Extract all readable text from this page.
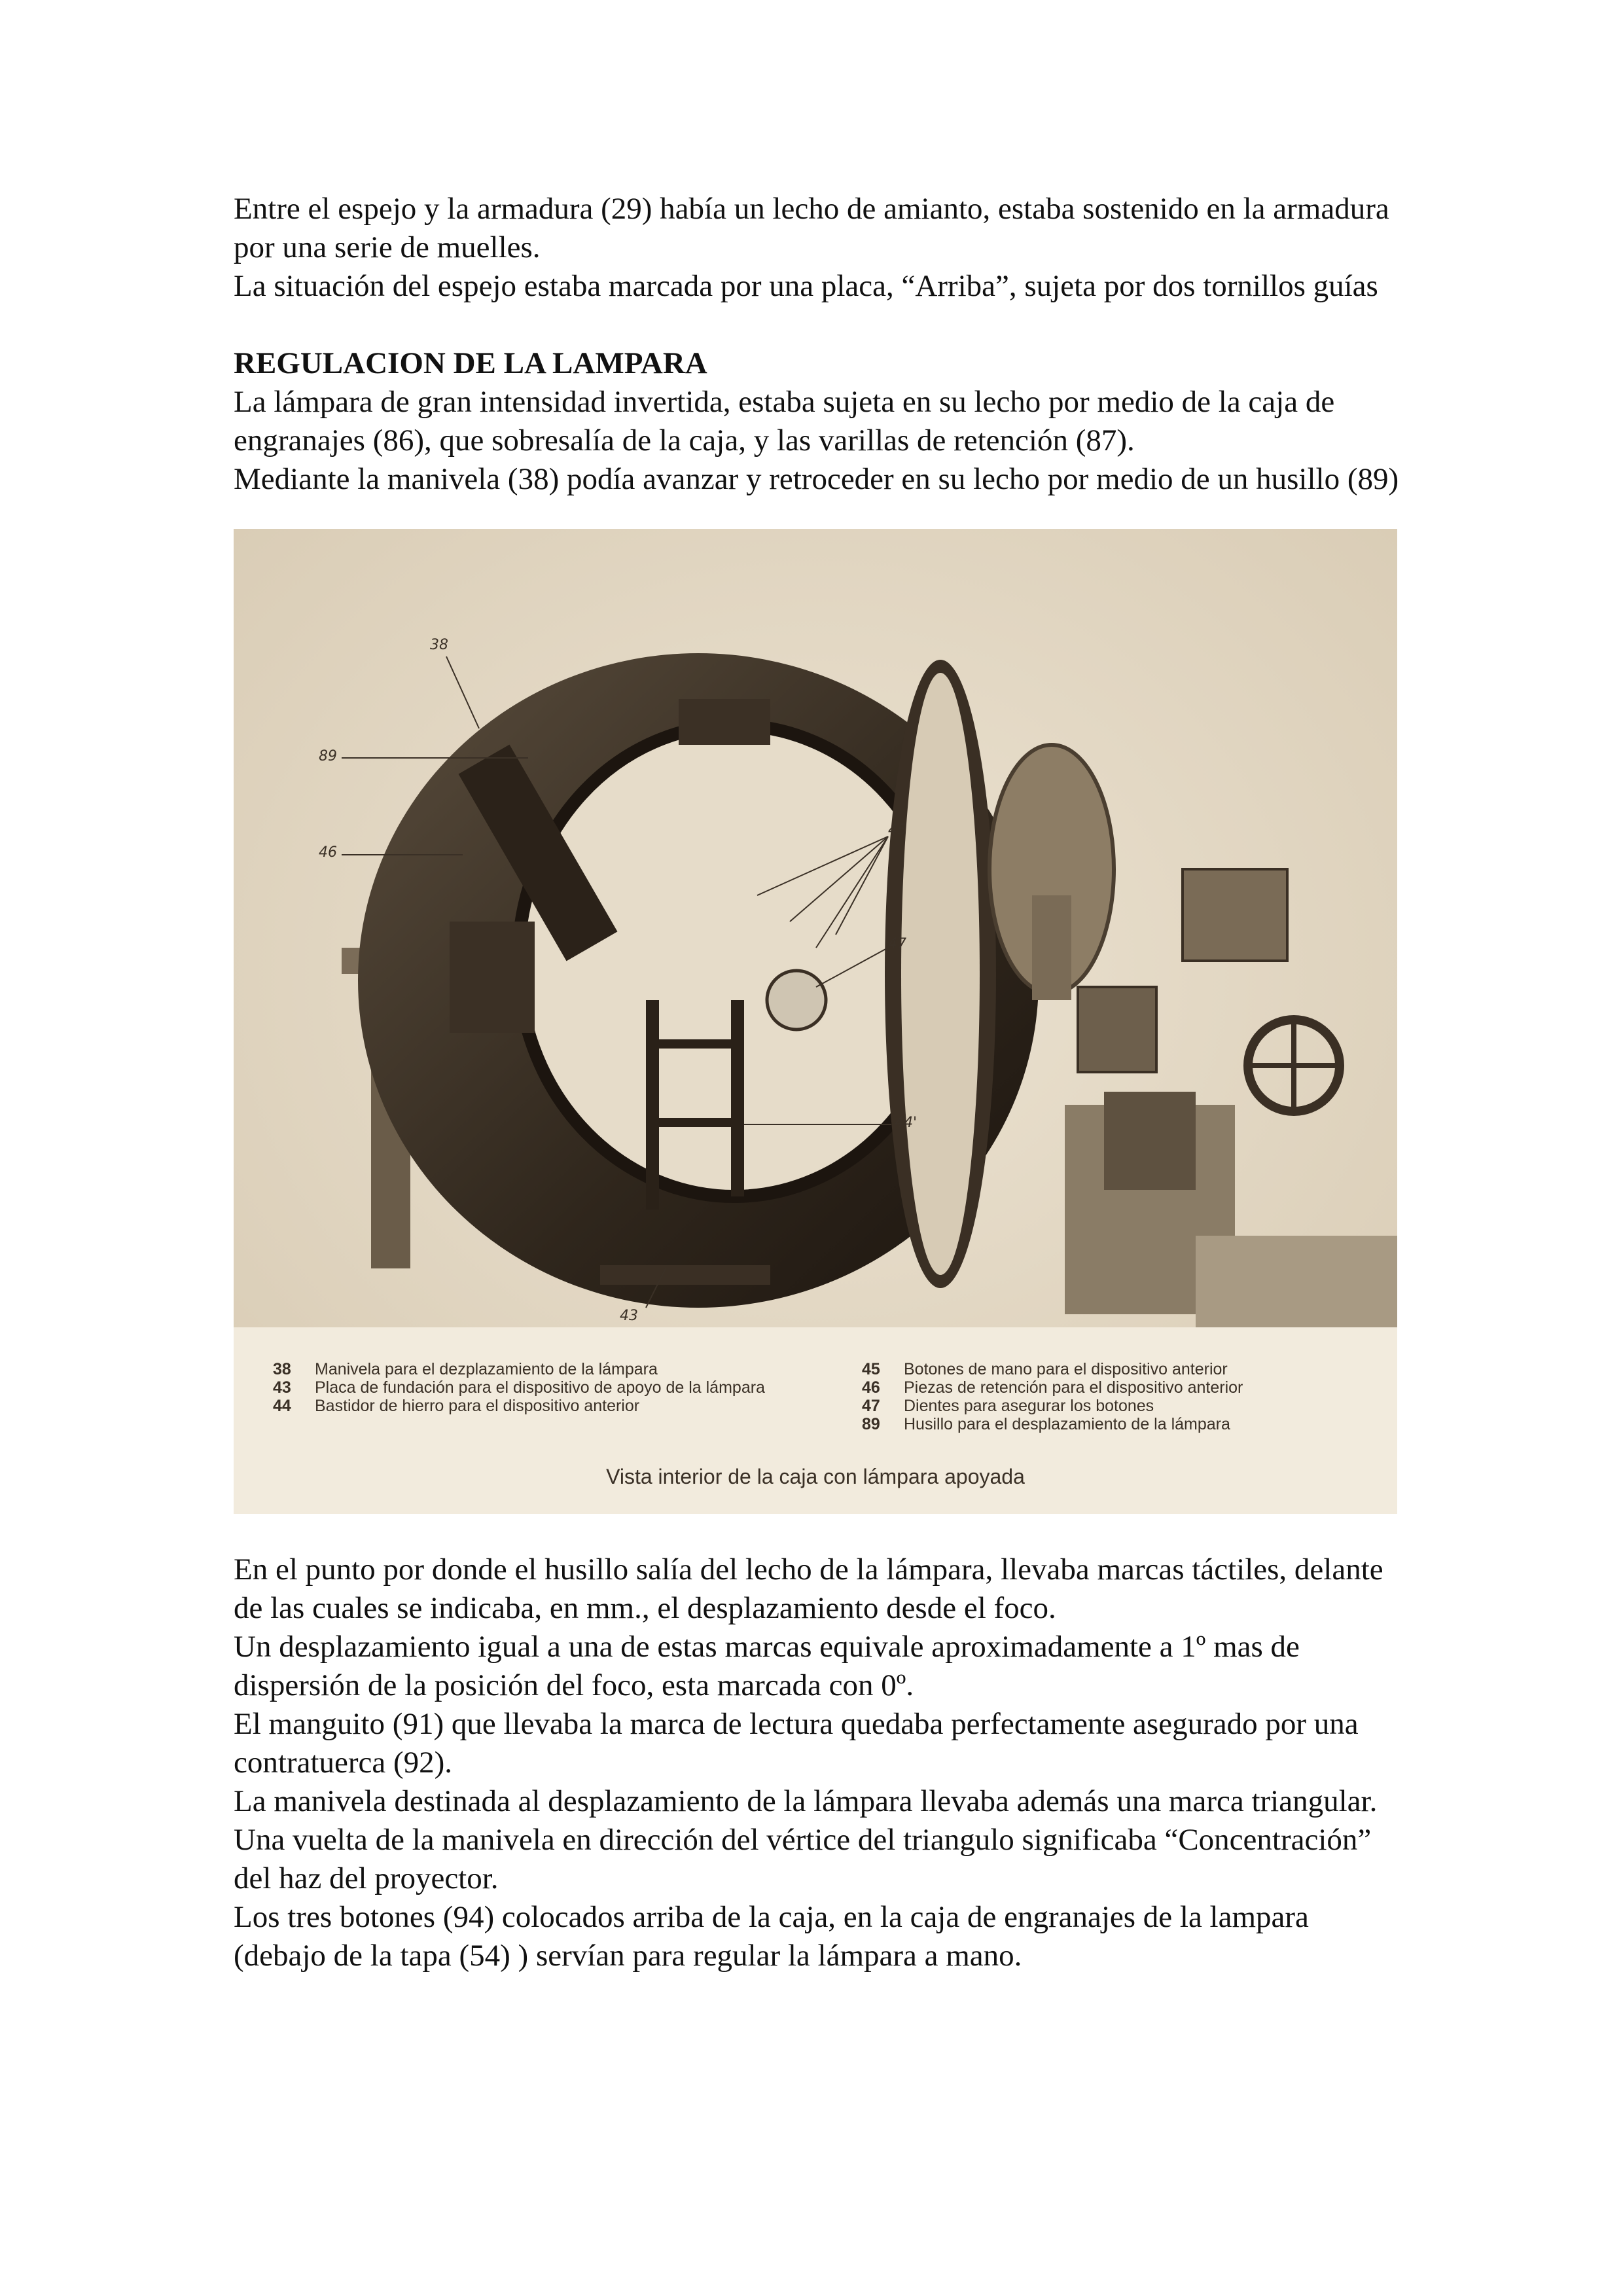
Entre el espejo y la armadura (29) había un lecho de amianto, estaba sostenido en la armadura por una serie de muelles.

La situación del espejo estaba marcada por una placa, “Arriba”, sujeta por dos tornillos guías

REGULACION DE LA LAMPARA

La lámpara de gran intensidad invertida, estaba sujeta en su lecho por medio de la caja de engranajes (86), que sobresalía de la caja, y las varillas de retención (87).

Mediante la manivela (38) podía avanzar y retroceder en su lecho por medio de un husillo (89)

38
89
46
45
47
44'
43
38	Manivela para el dezplazamiento de la lámpara
43	Placa de fundación para el dispositivo de apoyo de la lámpara
44	Bastidor de hierro para el dispositivo anterior
45	Botones de mano para el dispositivo anterior
46	Piezas de retención para el dispositivo anterior
47	Dientes para asegurar los botones
89	Husillo para el desplazamiento de la lámpara
Vista interior de la caja con lámpara apoyada

En el punto por donde el husillo salía del lecho de la lámpara, llevaba marcas táctiles, delante de las cuales se indicaba, en mm., el desplazamiento desde el foco.

Un desplazamiento igual a una de estas marcas equivale aproximadamente a 1º mas de dispersión de la posición del foco, esta marcada con 0º.

El manguito (91) que llevaba la marca de lectura quedaba perfectamente asegurado por una contratuerca (92).

La manivela destinada al desplazamiento de la lámpara llevaba además una marca triangular.

Una vuelta de la manivela en dirección del vértice del triangulo significaba “Concentración” del haz del proyector.

Los tres botones (94) colocados arriba de la caja, en la caja de engranajes de la lampara (debajo de la tapa (54) ) servían para regular la lámpara a mano.
